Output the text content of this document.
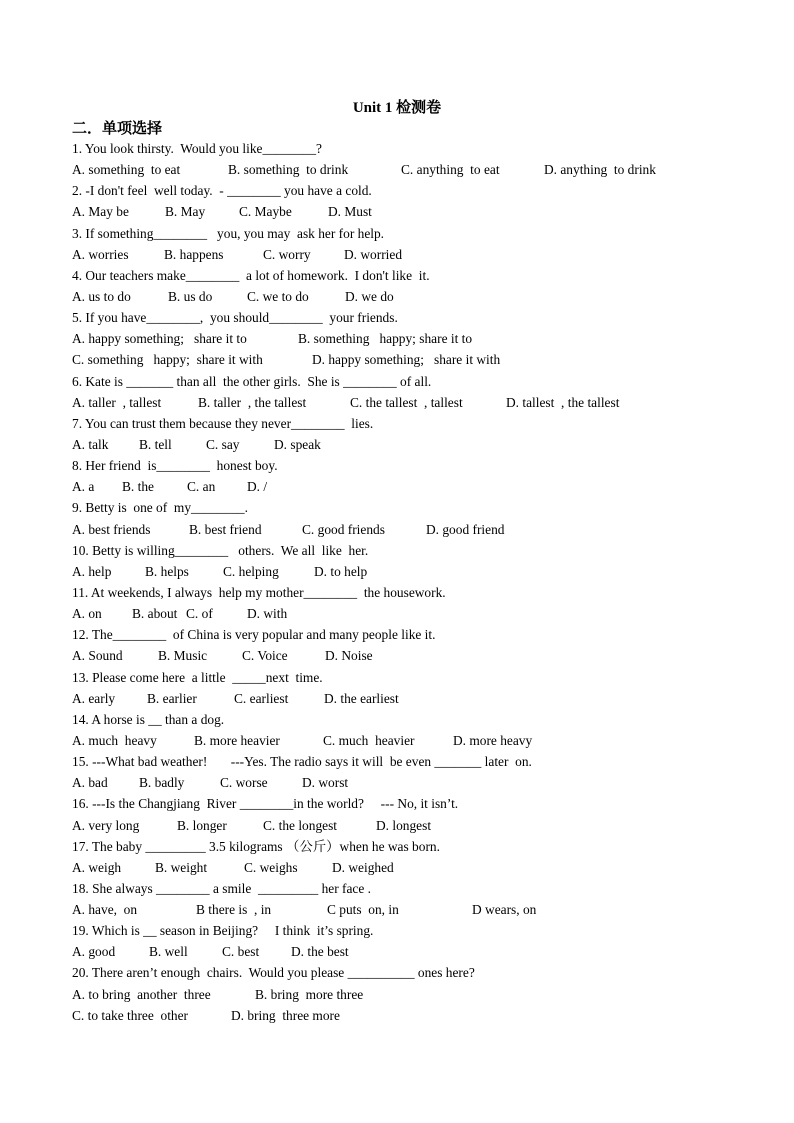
Unit 1 检测卷
二．单项选择
1. You look thirsty.  Would you like________?
A. something  to eat	B. something  to drink	C. anything  to eat	D. anything  to drink
2. -I don't feel  well today.  - ________ you have a cold.
A. May be	B. May	C. Maybe	D. Must
3. If something________   you, you may  ask her for help.
A. worries	B. happens	C. worry D. worried
4. Our teachers make________  a lot of homework.  I don't like  it.
A. us to do	B. us do	C. we to do	D. we do
5. If you have________,  you should________  your friends.
A. happy something;   share it to	B. something   happy; share it to
C. something   happy;  share it with	D. happy something;   share it with
6. Kate is _______ than all  the other girls.  She is ________ of all.
A. taller  , tallest	B. taller  , the tallest	C. the tallest  , tallest	D. tallest  , the tallest
7. You can trust them because they never________  lies.
A. talk B. tell	C. say	D. speak
8. Her friend  is________  honest boy.
A. a B. the C. an D. /
9. Betty is  one of  my________.
A. best friends	B. best friend	C. good friends	D. good friend
10. Betty is willing________   others.  We all  like  her.
A. help	B. helps	C. helping	D. to help
11. At weekends, I always  help my mother________  the housework.
A. on B. about C. of	D. with
12. The________  of China is very popular and many people like it.
A. Sound	B. Music	C. Voice	D. Noise
13. Please come here  a little  _____next  time.
A. early B. earlier	C. earliest	D. the earliest
14. A horse is __ than a dog.
A. much  heavy	B. more heavier	C. much  heavier	D. more heavy
15. ---What bad weather!       ---Yes. The radio says it will  be even _______ later  on.
A. bad B. badly	C. worse	D. worst
16. ---Is the Changjiang  River ________in the world?     --- No, it isn’t.
A. very long	B. longer	C. the longest	D. longest
17. The baby _________ 3.5 kilograms （公斤）when he was born.
A. weigh	B. weight	C. weighs	D. weighed
18. She always ________ a smile  _________ her face .
A. have,  on	B there is  , in	C puts  on, in	D wears, on
19. Which is __ season in Beijing?     I think  it’s spring.
A. good	B. well	C. best D. the best
20. There aren’t enough  chairs.  Would you please __________ ones here?
A. to bring  another  three	B. bring  more three
C. to take three  other	D. bring  three more
